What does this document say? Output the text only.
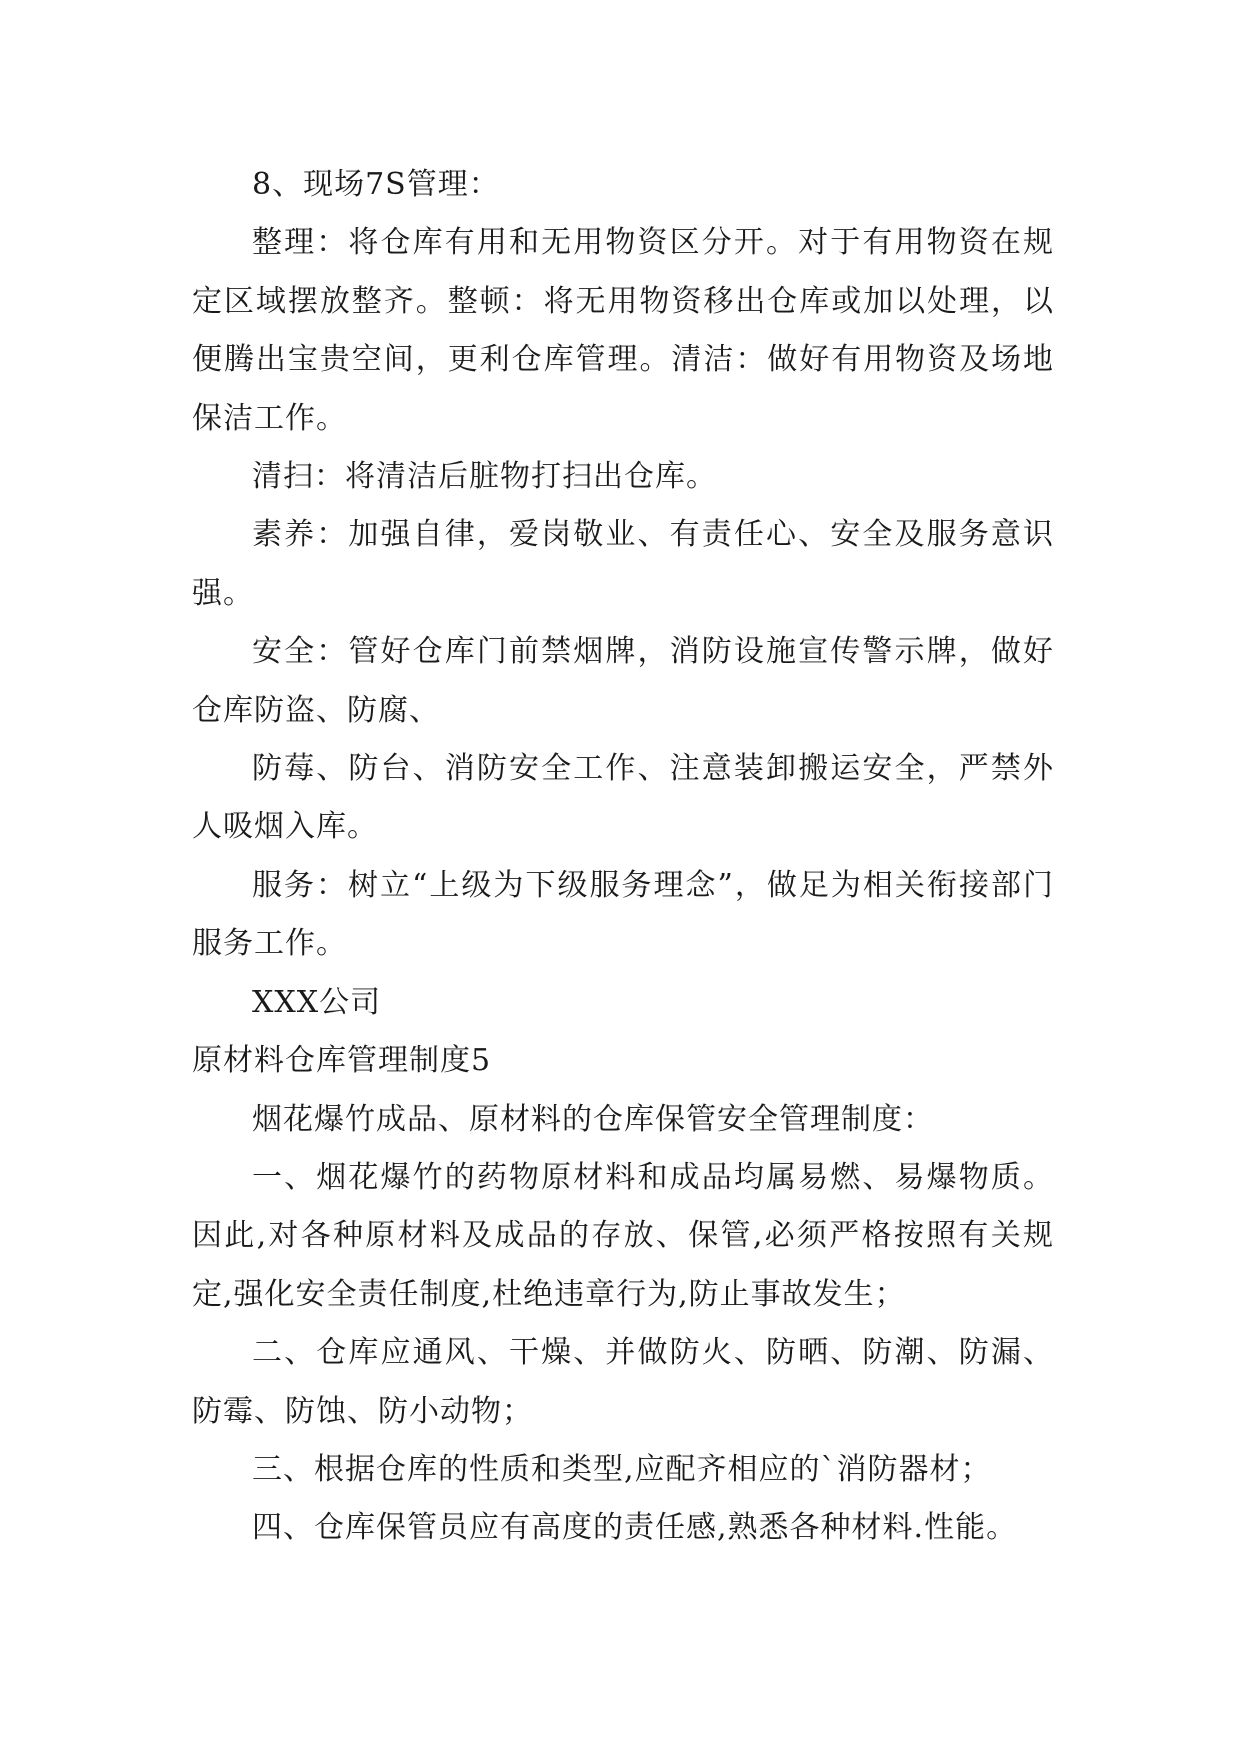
8、现场7S管理：

整理：将仓库有用和无用物资区分开。对于有用物资在规定区域摆放整齐。整顿：将无用物资移出仓库或加以处理，以便腾出宝贵空间，更利仓库管理。清洁：做好有用物资及场地保洁工作。

清扫：将清洁后脏物打扫出仓库。

素养：加强自律，爱岗敬业、有责任心、安全及服务意识强。

安全：管好仓库门前禁烟牌，消防设施宣传警示牌，做好仓库防盗、防腐、

防莓、防台、消防安全工作、注意装卸搬运安全，严禁外人吸烟入库。

服务：树立“上级为下级服务理念”，做足为相关衔接部门服务工作。

XXX公司

原材料仓库管理制度5

烟花爆竹成品、原材料的仓库保管安全管理制度：

一、烟花爆竹的药物原材料和成品均属易燃、易爆物质。因此,对各种原材料及成品的存放、保管,必须严格按照有关规定,强化安全责任制度,杜绝违章行为,防止事故发生；

二、仓库应通风、干燥、并做防火、防晒、防潮、防漏、防霉、防蚀、防小动物；

三、根据仓库的性质和类型,应配齐相应的`消防器材；

四、仓库保管员应有高度的责任感,熟悉各种材料.性能。
